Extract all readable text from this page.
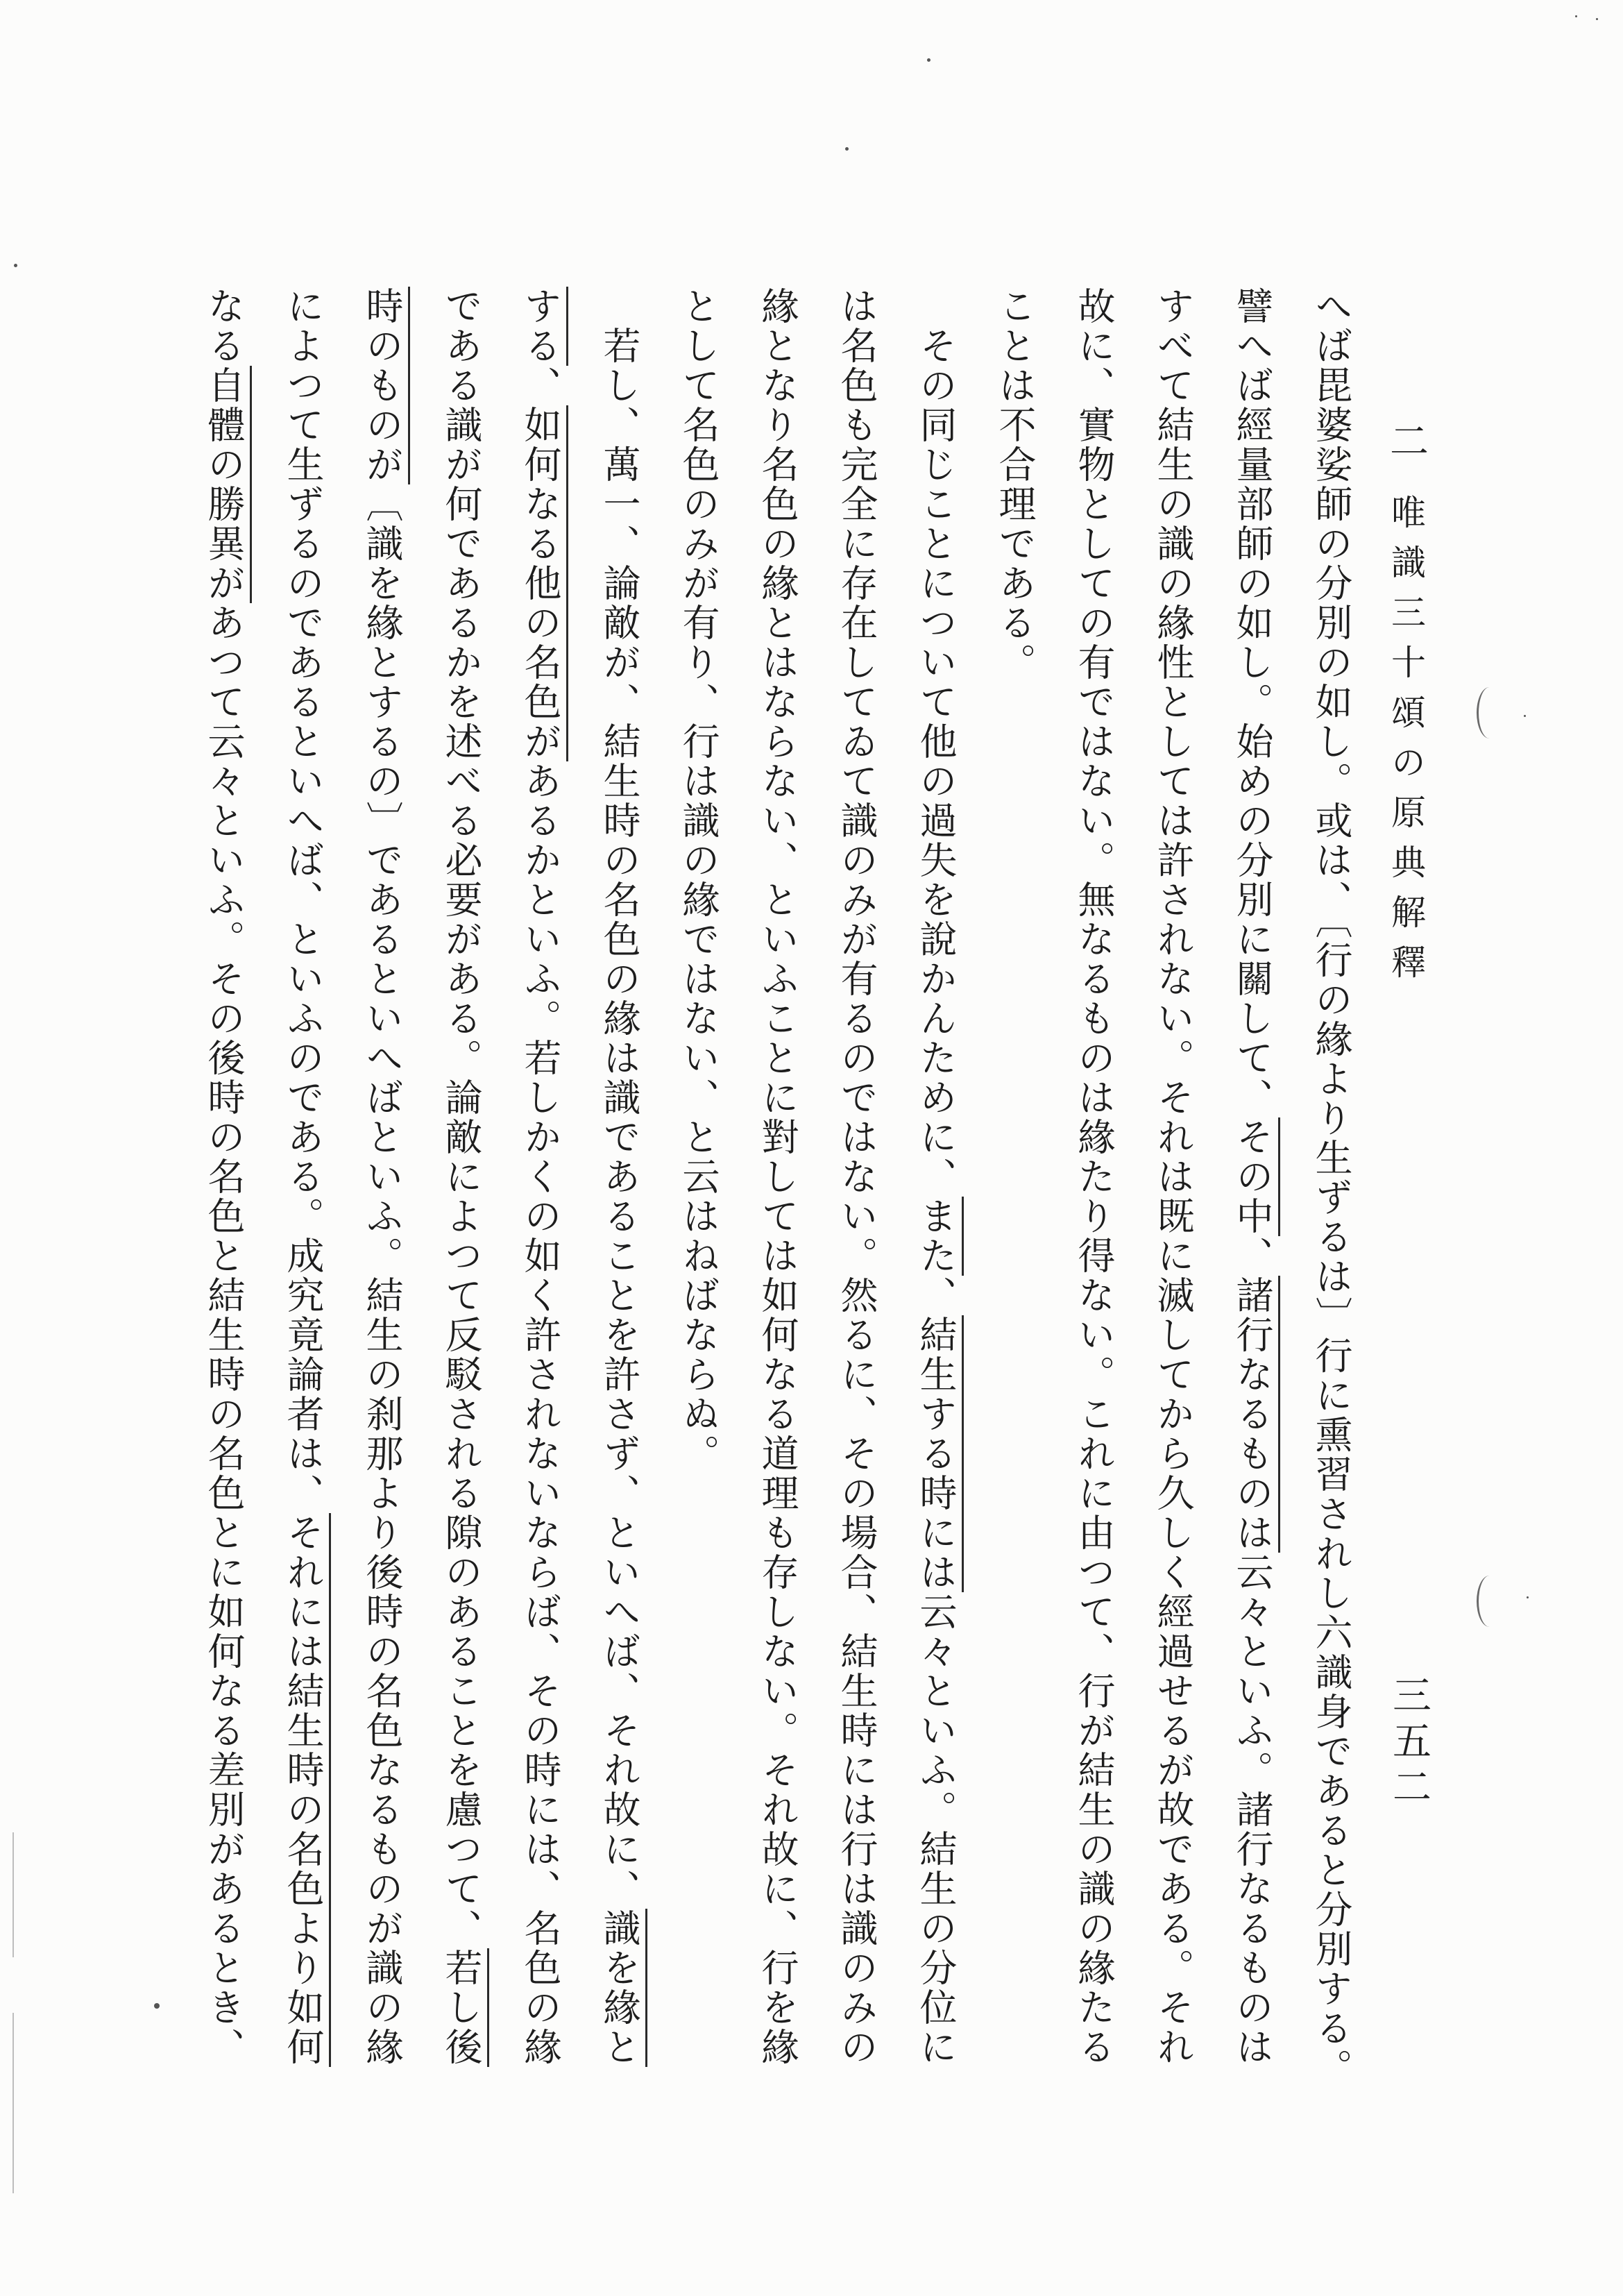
二
唯識三十頌の原典解釋
三五二
へば毘婆娑師の分別の如し。或は、〔行の緣より生ずるは〕行に熏習されし六識身であると分別する。
譬へば經量部師の如し。始めの分別に關して、その中、諸行なるものは云々といふ。諸行なるものは
すべて結生の識の緣性としては許されない。それは既に滅してから久しく經過せるが故である。それ
故に、實物としての有ではない。無なるものは緣たり得ない。これに由つて、行が結生の識の緣たる
ことは不合理である。
その同じことについて他の過失を說かんために、また、結生する時には云々といふ。結生の分位に
は名色も完全に存在してゐて識のみが有るのではない。然るに、その場合、結生時には行は識のみの
緣となり名色の緣とはならない、といふことに對しては如何なる道理も存しない。それ故に、行を緣
として名色のみが有り、行は識の緣ではない、と云はねばならぬ。
若し、萬一、論敵が、結生時の名色の緣は識であることを許さず、といへば、それ故に、識を緣と
する、如何なる他の名色があるかといふ。若しかくの如く許されないならば、その時には、名色の緣
である識が何であるかを述べる必要がある。論敵によつて反駁される隙のあることを慮つて、若し後
時のものが〔識を緣とするの〕であるといへばといふ。結生の刹那より後時の名色なるものが識の緣
によつて生ずるのであるといへば、といふのである。成究竟論者は、それには結生時の名色より如何
なる自體の勝異があつて云々といふ。その後時の名色と結生時の名色とに如何なる差別があるとき、
